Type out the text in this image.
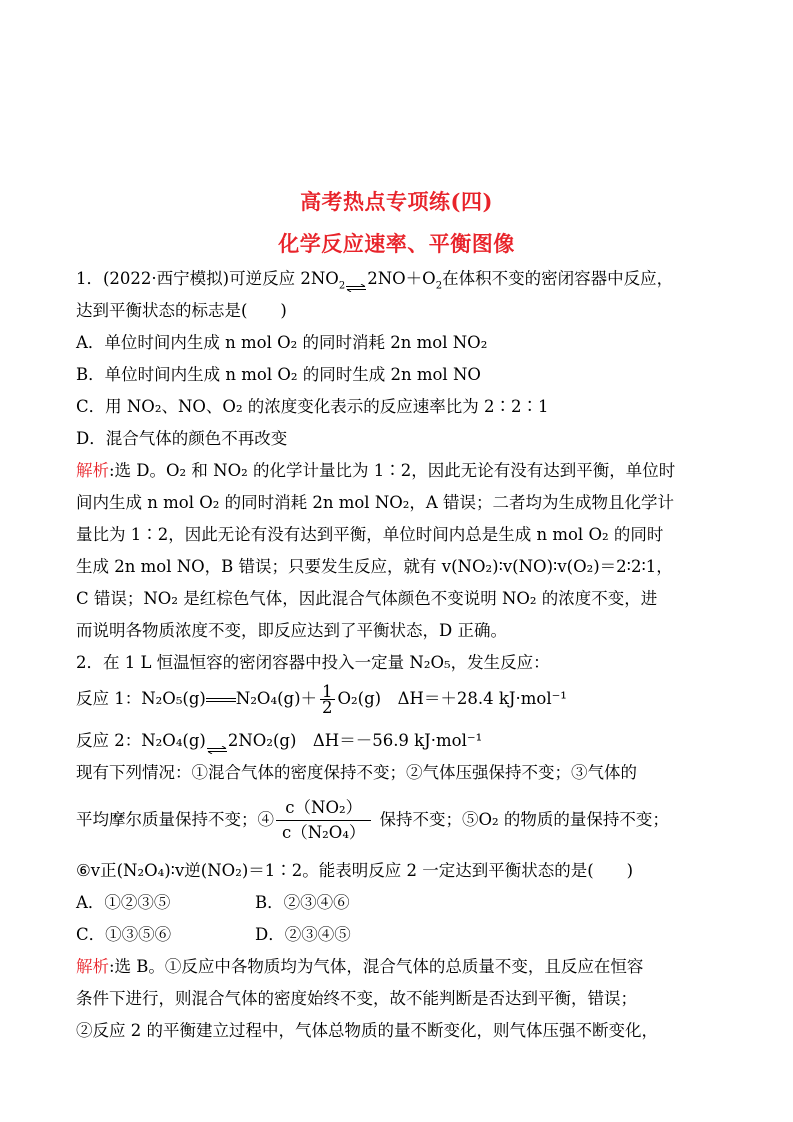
高考热点专项练(四)
化学反应速率、平衡图像
1．(2022·西宁模拟)可逆反应 $2NO_2$ $\rightleftharpoons 2NO+O_2$在体积不变的密闭容器中反应，
达到平衡状态的标志是(　　)
A．单位时间内生成 n mol O₂ 的同时消耗 2n mol NO₂
B．单位时间内生成 n mol O₂ 的同时生成 2n mol NO
C．用 NO₂、NO、O₂ 的浓度变化表示的反应速率比为 2∶2∶1
D．混合气体的颜色不再改变
解析:选 D。O₂ 和 NO₂ 的化学计量比为 1∶2，因此无论有没有达到平衡，单位时
间内生成 n mol O₂ 的同时消耗 2n mol NO₂，A 错误；二者均为生成物且化学计
量比为 1∶2，因此无论有没有达到平衡，单位时间内总是生成 n mol O₂ 的同时
生成 2n mol NO，B 错误；只要发生反应，就有 v(NO₂)∶v(NO)∶v(O₂)＝2∶2∶1，
C 错误；NO₂ 是红棕色气体，因此混合气体颜色不变说明 NO₂ 的浓度不变，进
而说明各物质浓度不变，即反应达到了平衡状态，D 正确。
2．在 1 L 恒温恒容的密闭容器中投入一定量 N₂O₅，发生反应：
反应 1：N₂O₅(g) $N_2O_4(g)+ \frac{1}{2} O_2(g)$　ΔH＝＋28.4 kJ·mol⁻¹
反应 2：N₂O₄(g)⇌2NO₂(g)　ΔH＝－56.9 kJ·mol⁻¹
现有下列情况：①混合气体的密度保持不变；②气体压强保持不变；③气体的
平均摩尔质量保持不变；④ $\frac{\text{c（NO₂）}}{\text{c（N₂O₄）}}$ 保持不变；⑤O₂ 的物质的量保持不变；
⑥v正(N₂O₄)∶v逆(NO₂)＝1∶2。能表明反应 2 一定达到平衡状态的是(　　)
A．①②③⑤	B．②③④⑥
C．①③⑤⑥	D．②③④⑤
解析:选 B。①反应中各物质均为气体，混合气体的总质量不变，且反应在恒容
条件下进行，则混合气体的密度始终不变，故不能判断是否达到平衡，错误；
②反应 2 的平衡建立过程中，气体总物质的量不断变化，则气体压强不断变化，
